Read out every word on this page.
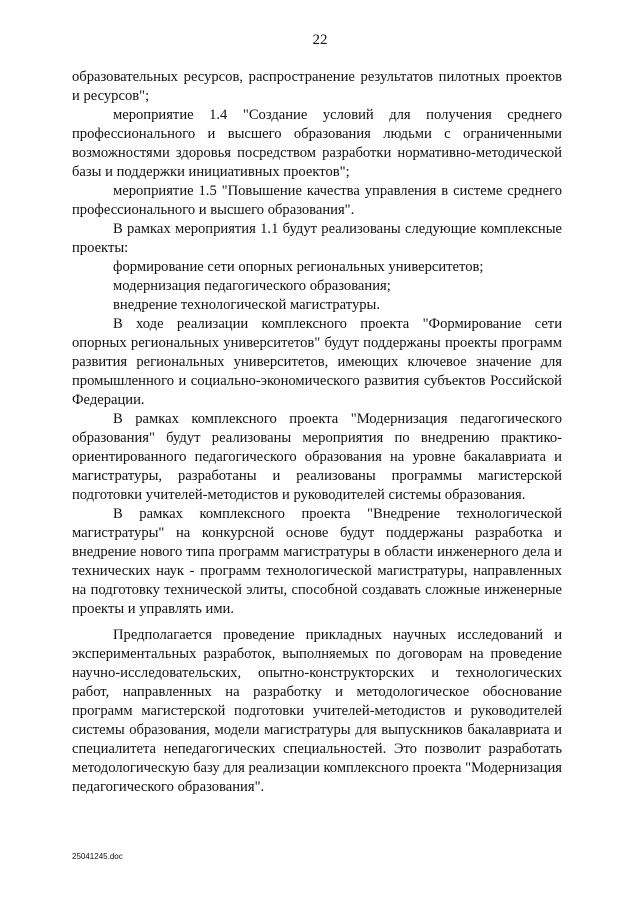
22

образовательных ресурсов, распространение результатов пилотных проектов и ресурсов";

мероприятие 1.4 "Создание условий для получения среднего профессионального и высшего образования людьми с ограниченными возможностями здоровья посредством разработки нормативно-методической базы и поддержки инициативных проектов";

мероприятие 1.5 "Повышение качества управления в системе среднего профессионального и высшего образования".

В рамках мероприятия 1.1 будут реализованы следующие комплексные проекты:

формирование сети опорных региональных университетов;

модернизация педагогического образования;

внедрение технологической магистратуры.

В ходе реализации комплексного проекта "Формирование сети опорных региональных университетов" будут поддержаны проекты программ развития региональных университетов, имеющих ключевое значение для промышленного и социально-экономического развития субъектов Российской Федерации.

В рамках комплексного проекта "Модернизация педагогического образования" будут реализованы мероприятия по внедрению практико-ориентированного педагогического образования на уровне бакалавриата и магистратуры, разработаны и реализованы программы магистерской подготовки учителей-методистов и руководителей системы образования.

В рамках комплексного проекта "Внедрение технологической магистратуры" на конкурсной основе будут поддержаны разработка и внедрение нового типа программ магистратуры в области инженерного дела и технических наук - программ технологической магистратуры, направленных на подготовку технической элиты, способной создавать сложные инженерные проекты и управлять ими.

Предполагается проведение прикладных научных исследований и экспериментальных разработок, выполняемых по договорам на проведение научно-исследовательских, опытно-конструкторских и технологических работ, направленных на разработку и методологическое обоснование программ магистерской подготовки учителей-методистов и руководителей системы образования, модели магистратуры для выпускников бакалавриата и специалитета непедагогических специальностей. Это позволит разработать методологическую базу для реализации комплексного проекта "Модернизация педагогического образования".

25041245.doc
